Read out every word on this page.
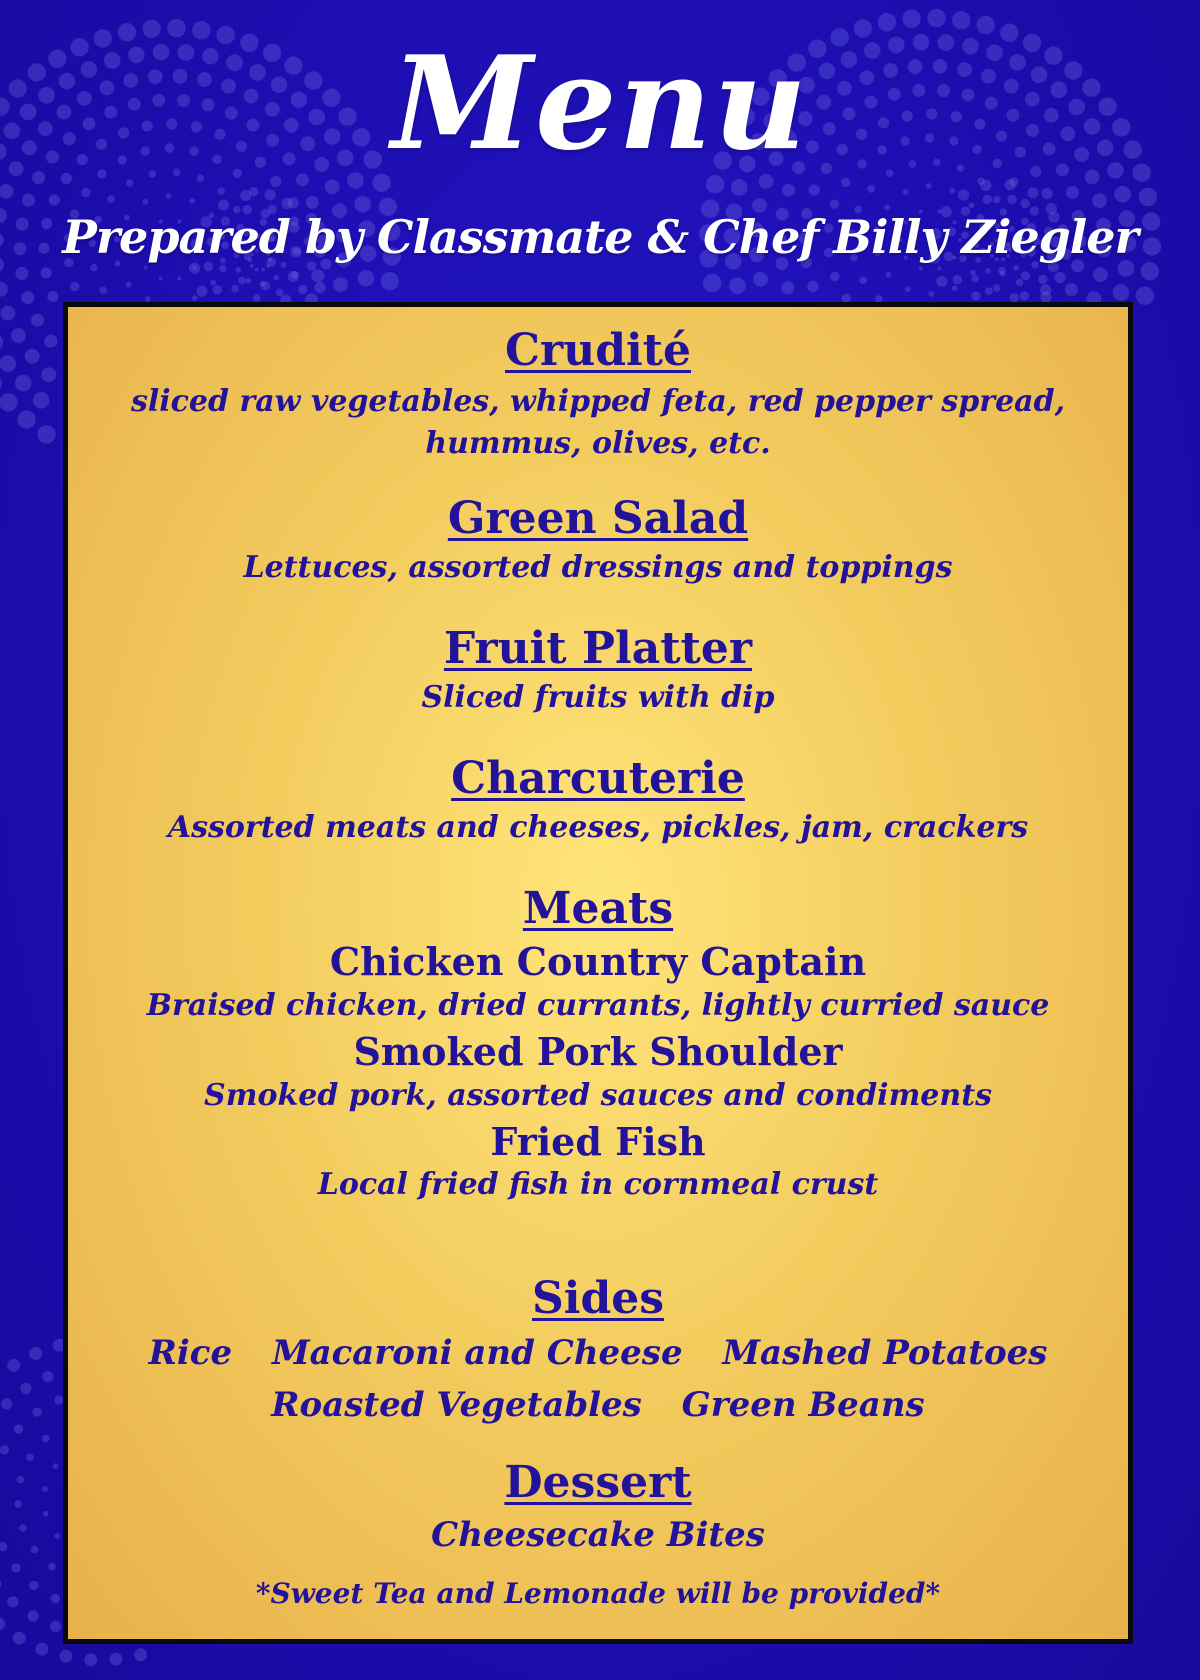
Menu
Prepared by Classmate & Chef Billy Ziegler
Crudité
sliced raw vegetables, whipped feta, red pepper spread, hummus, olives, etc.
Green Salad
Lettuces, assorted dressings and toppings
Fruit Platter
Sliced fruits with dip
Charcuterie
Assorted meats and cheeses, pickles, jam, crackers
Meats
Chicken Country Captain
Braised chicken, dried currants, lightly curried sauce
Smoked Pork Shoulder
Smoked pork, assorted sauces and condiments
Fried Fish
Local fried fish in cornmeal crust
Sides
Rice Macaroni and Cheese Mashed Potatoes
Roasted Vegetables Green Beans
Dessert
Cheesecake Bites
*Sweet Tea and Lemonade will be provided*
